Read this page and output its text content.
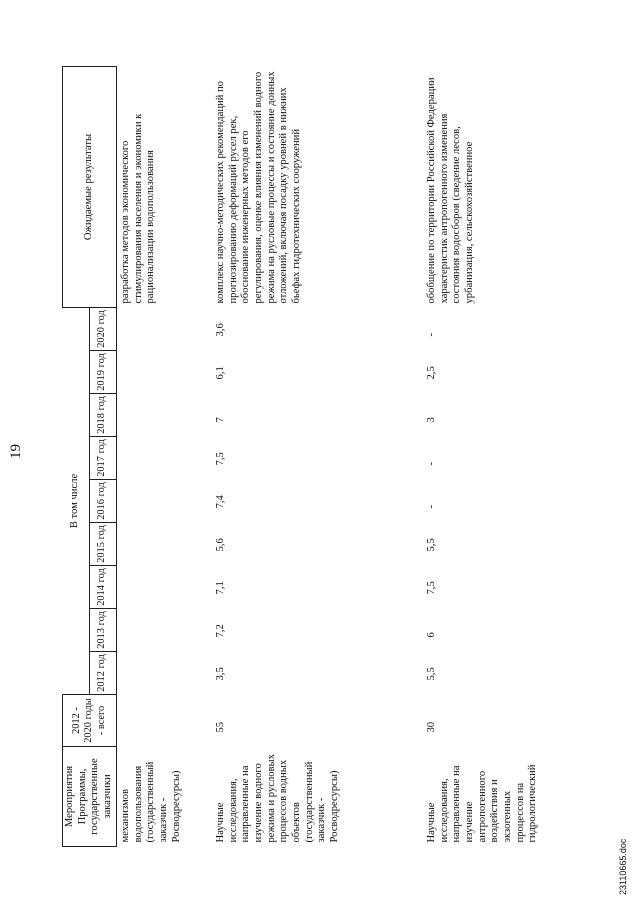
19
Мероприятия Программы, государственные заказчики	2012 - 2020 годы - всего	В том числе									Ожидаемые результаты
		2012 год	2013 год	2014 год	2015 год	2016 год	2017 год	2018 год	2019 год	2020 год	
механизмов водопользования (государственный заказчик - Росводресурсы)											разработка методов экономического стимулирования населения и экономики к рационализации водопользования
Научные исследования, направленные на изучение водного режима и русловых процессов водных объектов (государственный заказчик - Росводресурсы)	55	3,5	7,2	7,1	5,6	7,4	7,5	7	6,1	3,6	комплекс научно-методических рекомендаций по прогнозированию деформаций русел рек, обоснование инженерных методов его регулирования, оценке влияния изменений водного режима на русловые процессы и состояние донных отложений, включая посадку уровней в нижних бьефах гидротехнических сооружений
Научные исследования, направленные на изучение антропогенного воздействия и экзогенных процессов на гидрологический	30	5,5	6	7,5	5,5	-	-	3	2,5	-	обобщение по территории Российской Федерации характеристик антропогенного изменения состояния водосборов (сведение лесов, урбанизация, сельскохозяйственное
23110665.doc
